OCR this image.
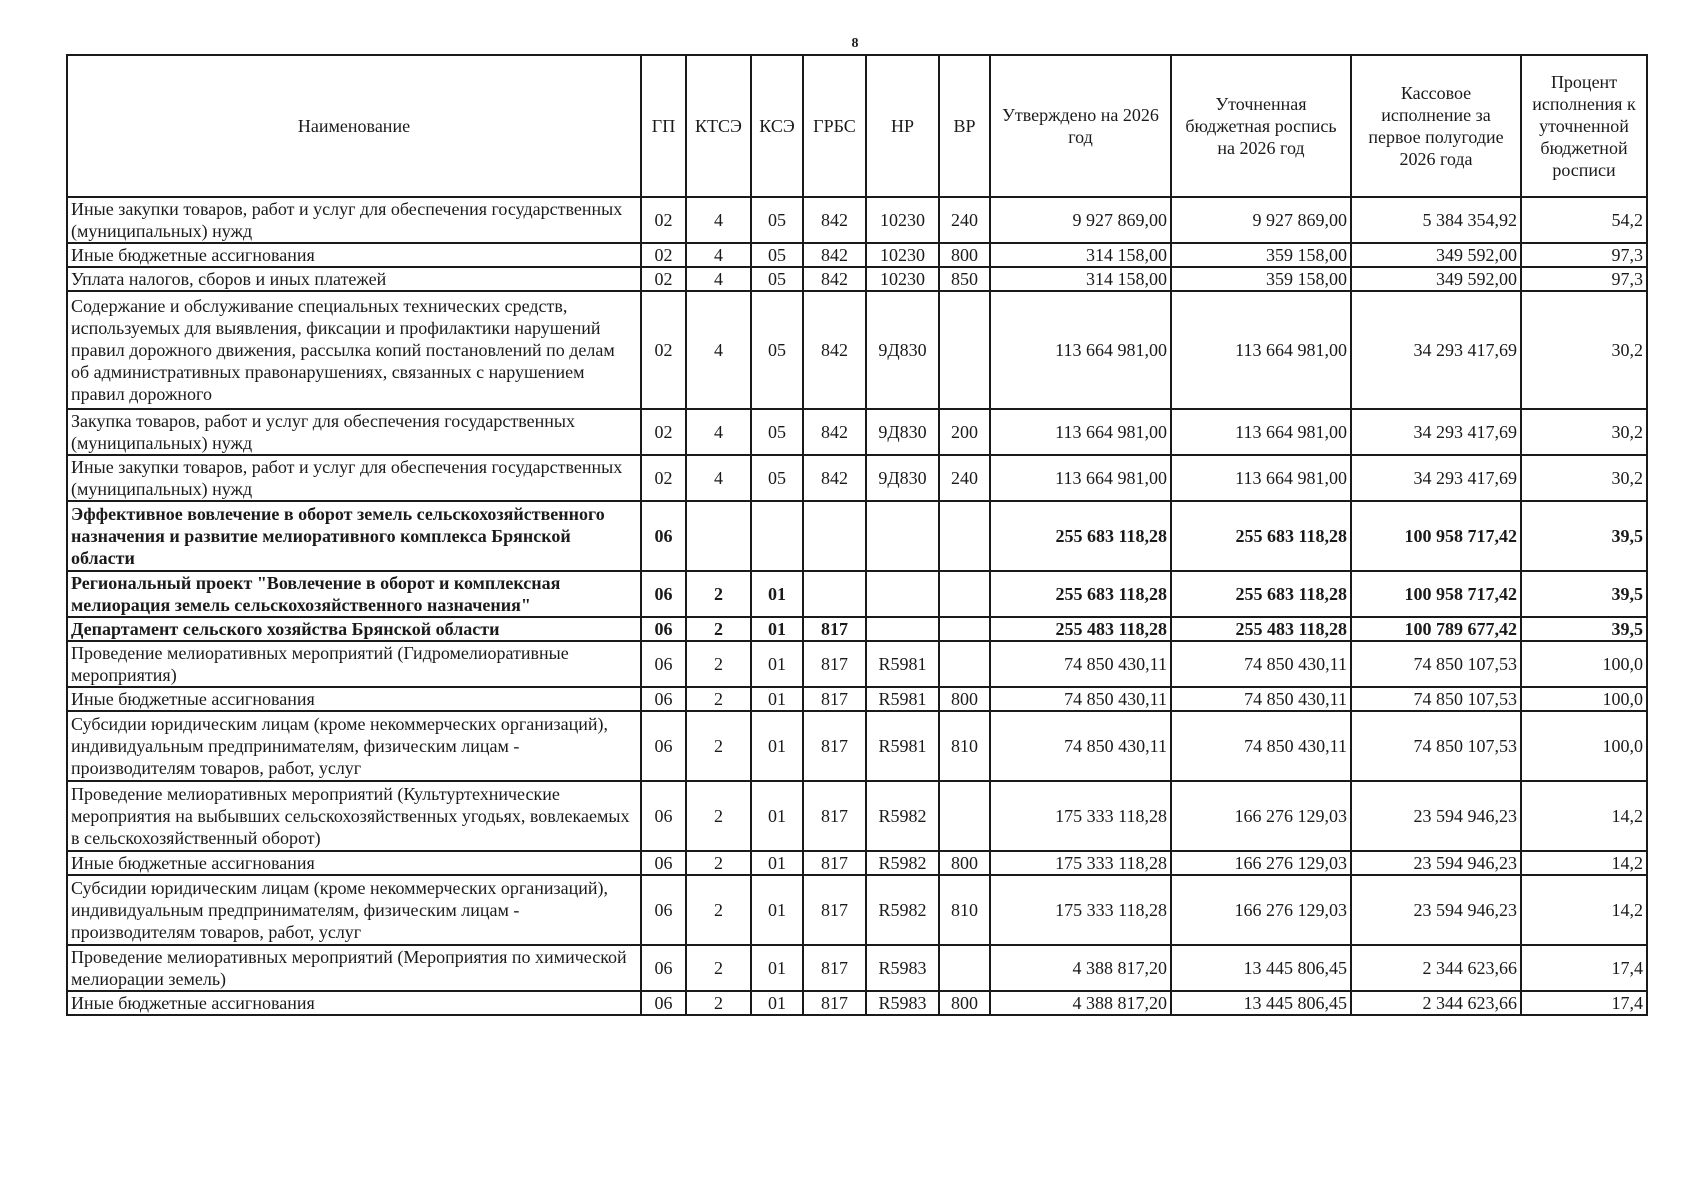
8
Наименование	ГП	КТСЭ	КСЭ	ГРБС	НР	ВР	Утверждено на 2026 год	Уточненная бюджетная роспись на 2026 год	Кассовое исполнение за первое полугодие 2026 года	Процент исполнения к уточненной бюджетной росписи
Иные закупки товаров, работ и услуг для обеспечения государственных (муниципальных) нужд	02	4	05	842	10230	240	9 927 869,00	9 927 869,00	5 384 354,92	54,2
Иные бюджетные ассигнования	02	4	05	842	10230	800	314 158,00	359 158,00	349 592,00	97,3
Уплата налогов, сборов и иных платежей	02	4	05	842	10230	850	314 158,00	359 158,00	349 592,00	97,3
Содержание и обслуживание специальных технических средств, используемых для выявления, фиксации и профилактики нарушений правил дорожного движения, рассылка копий постановлений по делам об административных правонарушениях, связанных с нарушением правил дорожного	02	4	05	842	9Д830		113 664 981,00	113 664 981,00	34 293 417,69	30,2
Закупка товаров, работ и услуг для обеспечения государственных (муниципальных) нужд	02	4	05	842	9Д830	200	113 664 981,00	113 664 981,00	34 293 417,69	30,2
Иные закупки товаров, работ и услуг для обеспечения государственных (муниципальных) нужд	02	4	05	842	9Д830	240	113 664 981,00	113 664 981,00	34 293 417,69	30,2
Эффективное вовлечение в оборот земель сельскохозяйственного назначения и развитие мелиоративного комплекса Брянской области	06						255 683 118,28	255 683 118,28	100 958 717,42	39,5
Региональный проект "Вовлечение в оборот и комплексная мелиорация земель сельскохозяйственного назначения"	06	2	01				255 683 118,28	255 683 118,28	100 958 717,42	39,5
Департамент сельского хозяйства Брянской области	06	2	01	817			255 483 118,28	255 483 118,28	100 789 677,42	39,5
Проведение мелиоративных мероприятий (Гидромелиоративные мероприятия)	06	2	01	817	R5981		74 850 430,11	74 850 430,11	74 850 107,53	100,0
Иные бюджетные ассигнования	06	2	01	817	R5981	800	74 850 430,11	74 850 430,11	74 850 107,53	100,0
Субсидии юридическим лицам (кроме некоммерческих организаций), индивидуальным предпринимателям, физическим лицам - производителям товаров, работ, услуг	06	2	01	817	R5981	810	74 850 430,11	74 850 430,11	74 850 107,53	100,0
Проведение мелиоративных мероприятий (Культуртехнические мероприятия на выбывших сельскохозяйственных угодьях, вовлекаемых в сельскохозяйственный оборот)	06	2	01	817	R5982		175 333 118,28	166 276 129,03	23 594 946,23	14,2
Иные бюджетные ассигнования	06	2	01	817	R5982	800	175 333 118,28	166 276 129,03	23 594 946,23	14,2
Субсидии юридическим лицам (кроме некоммерческих организаций), индивидуальным предпринимателям, физическим лицам - производителям товаров, работ, услуг	06	2	01	817	R5982	810	175 333 118,28	166 276 129,03	23 594 946,23	14,2
Проведение мелиоративных мероприятий (Мероприятия по химической мелиорации земель)	06	2	01	817	R5983		4 388 817,20	13 445 806,45	2 344 623,66	17,4
Иные бюджетные ассигнования	06	2	01	817	R5983	800	4 388 817,20	13 445 806,45	2 344 623,66	17,4
